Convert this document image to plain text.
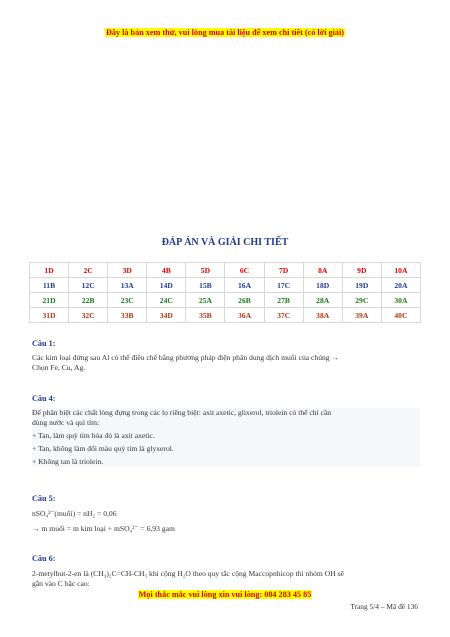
Đây là bản xem thử, vui lòng mua tài liệu để xem chi tiết (có lời giải)
ĐÁP ÁN VÀ GIẢI CHI TIẾT
1D	2C	3D	4B	5D	6C	7D	8A	9D	10A
11B	12C	13A	14D	15B	16A	17C	18D	19D	20A
21D	22B	23C	24C	25A	26B	27B	28A	29C	30A
31D	32C	33B	34D	35B	36A	37C	38A	39A	40C
Câu 1:
Các kim loại đứng sau Al có thể điều chế bằng phương pháp điện phân dung dịch muối của chúng →
Chọn Fe, Cu, Ag.
Câu 4:
Để phân biệt các chất lỏng đựng trong các lọ riêng biệt: axit axetic, glixerol, triolein có thể chỉ cần
dùng nước và quì tím:
+ Tan, làm quỳ tím hóa đỏ là axit axetic.
+ Tan, không làm đổi màu quỳ tím là glyxerol.
+ Không tan là triolein.
Câu 5:
nSO₄²⁻(muối) = nH₂ = 0,06
→ m muối = m kim loại + mSO₄²⁻ = 6,93 gam
Câu 6:
2-metylbut-2-en là (CH₃)₂C=CH-CH₃ khi cộng H₂O theo quy tắc cộng Maccopnhicop thì nhóm OH sẽ
gắn vào C bậc cao:
Mọi thắc mắc vui lòng xin vui lòng: 084 283 45 85
Trang 5/4 – Mã đề 136
